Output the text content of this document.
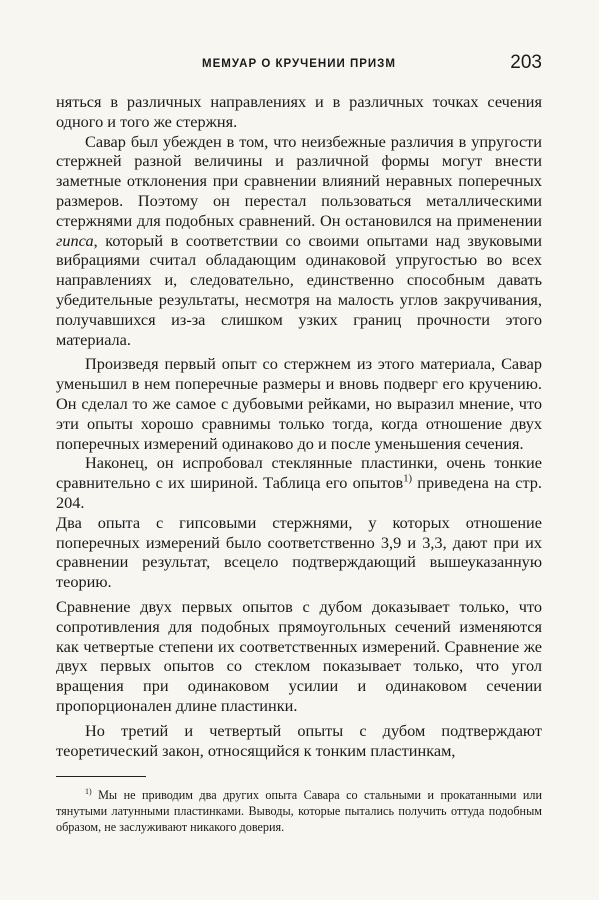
МЕМУАР О КРУЧЕНИИ ПРИЗМ	203

няться в различных направлениях и в различных точках сечения одного и того же стержня.

Савар был убежден в том, что неизбежные различия в упругости стержней разной величины и различной формы могут внести заметные отклонения при сравнении влияний неравных поперечных размеров. Поэтому он перестал пользоваться металлическими стержнями для подобных сравнений. Он остановился на применении гипса, который в соответствии со своими опытами над звуковыми вибрациями считал обладающим одинаковой упругостью во всех направлениях и, следовательно, единственно способным давать убедительные результаты, несмотря на малость углов закручивания, получавшихся из-за слишком узких границ прочности этого материала.

Произведя первый опыт со стержнем из этого материала, Савар уменьшил в нем поперечные размеры и вновь подверг его кручению. Он сделал то же самое с дубовыми рейками, но выразил мнение, что эти опыты хорошо сравнимы только тогда, когда отношение двух поперечных измерений одинаково до и после уменьшения сечения.

Наконец, он испробовал стеклянные пластинки, очень тонкие сравнительно с их шириной. Таблица его опытов$^{1)}$ приведена на стр. 204.

Два опыта с гипсовыми стержнями, у которых отношение поперечных измерений было соответственно 3,9 и 3,3, дают при их сравнении результат, всецело подтверждающий вышеуказанную теорию.

Сравнение двух первых опытов с дубом доказывает только, что сопротивления для подобных прямоугольных сечений изменяются как четвертые степени их соответственных измерений. Сравнение же двух первых опытов со стеклом показывает только, что угол вращения при одинаковом усилии и одинаковом сечении пропорционален длине пластинки.

Но третий и четвертый опыты с дубом подтверждают теоретический закон, относящийся к тонким пластинкам,

$^{1)}$ Мы не приводим два других опыта Савара со стальными и прокатанными или тянутыми латунными пластинками. Выводы, которые пытались получить оттуда подобным образом, не заслуживают никакого доверия.
